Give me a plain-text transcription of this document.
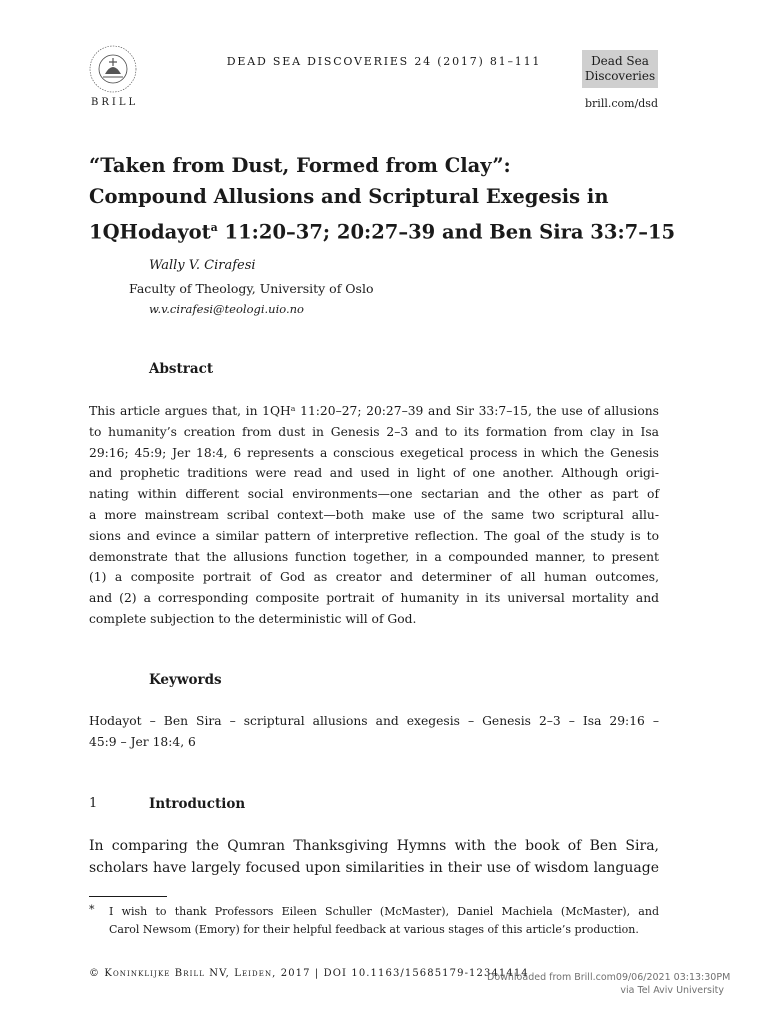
BRILL
DEAD SEA DISCOVERIES 24 (2017) 81–111	Dead Sea
Discoveries
brill.com/dsd
“Taken from Dust, Formed from Clay”:
Compound Allusions and Scriptural Exegesis in
1QHodayot$^a$ 11:20–37; 20:27–39 and Ben Sira 33:7–15
Wally V. Cirafesi
Faculty of Theology, University of Oslo
w.v.cirafesi@teologi.uio.no
Abstract
This article argues that, in 1QHᵃ 11:20–27; 20:27–39 and Sir 33:7–15, the use of allusions
to humanity’s creation from dust in Genesis 2–3 and to its formation from clay in Isa
29:16; 45:9; Jer 18:4, 6 represents a conscious exegetical process in which the Genesis
and prophetic traditions were read and used in light of one another. Although origi-
nating within different social environments—one sectarian and the other as part of
a more mainstream scribal context—both make use of the same two scriptural allu-
sions and evince a similar pattern of interpretive reflection. The goal of the study is to
demonstrate that the allusions function together, in a compounded manner, to present
(1) a composite portrait of God as creator and determiner of all human outcomes,
and (2) a corresponding composite portrait of humanity in its universal mortality and
complete subjection to the deterministic will of God.
Keywords
Hodayot – Ben Sira – scriptural allusions and exegesis – Genesis 2–3 – Isa 29:16 –
45:9 – Jer 18:4, 6
1	Introduction
In comparing the Qumran Thanksgiving Hymns with the book of Ben Sira,
scholars have largely focused upon similarities in their use of wisdom language
* I wish to thank Professors Eileen Schuller (McMaster), Daniel Machiela (McMaster), and
Carol Newsom (Emory) for their helpful feedback at various stages of this article’s production.
© Koninklijke Brill NV, Leiden, 2017 | DOI 10.1163/15685179-12341414
Downloaded from Brill.com09/06/2021 03:13:30PM
via Tel Aviv University
